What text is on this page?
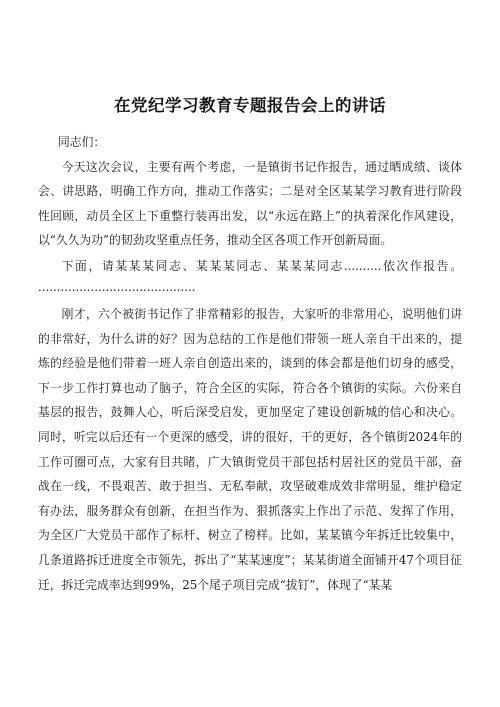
在党纪学习教育专题报告会上的讲话

同志们：

今天这次会议，主要有两个考虑，一是镇街书记作报告，通过晒成绩、谈体会、讲思路，明确工作方向，推动工作落实；二是对全区某某学习教育进行阶段性回顾，动员全区上下重整行装再出发，以“永远在路上”的执着深化作风建设，以“久久为功”的韧劲攻坚重点任务，推动全区各项工作开创新局面。

下面，请某某某同志、某某某同志、某某某同志..........依次作报告。 ..........................................

刚才，六个被街书记作了非常精彩的报告，大家听的非常用心，说明他们讲的非常好，为什么讲的好？因为总结的工作是他们带领一班人亲自干出来的，提炼的经验是他们带着一班人亲自创造出来的，谈到的体会都是他们切身的感受，下一步工作打算也动了脑子，符合全区的实际，符合各个镇街的实际。六份来自基层的报告，鼓舞人心，听后深受启发，更加坚定了建设创新城的信心和决心。同时，听完以后还有一个更深的感受，讲的很好，干的更好，各个镇街2024年的工作可圈可点，大家有目共睹，广大镇街党员干部包括村居社区的党员干部，奋战在一线，不畏艰苦、敢于担当、无私奉献，攻坚破难成效非常明显，维护稳定有办法，服务群众有创新，在担当作为、狠抓落实上作出了示范、发挥了作用，为全区广大党员干部作了标杆、树立了榜样。比如，某某镇今年拆迁比较集中，几条道路拆迁进度全市领先，拆出了“某某速度”；某某街道全面铺开47个项目征迁，拆迁完成率达到99%，25个尾子项目完成“拔钉”，体现了“某某
